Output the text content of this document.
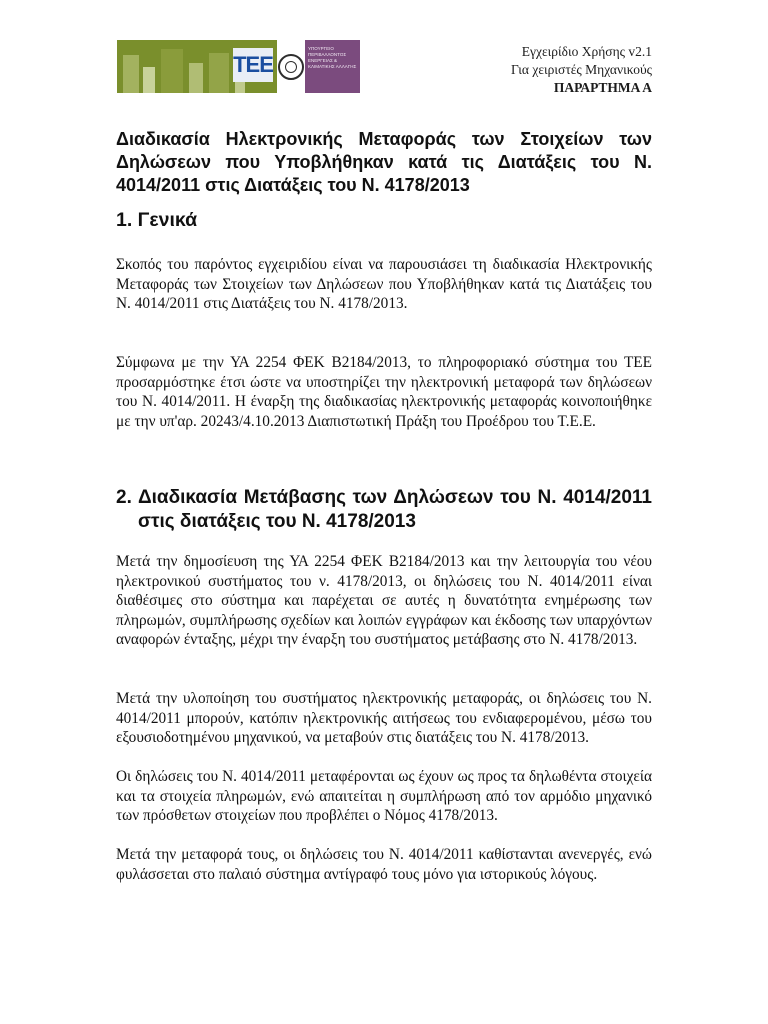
ΤΕΕ
ΥΠΟΥΡΓΕΙΟ ΠΕΡΙΒΑΛΛΟΝΤΟΣ ΕΝΕΡΓΕΙΑΣ & ΚΛΙΜΑΤΙΚΗΣ ΑΛΛΑΓΗΣ
Εγχειρίδιο Χρήσης v2.1
Για χειριστές Μηχανικούς
ΠΑΡΑΡΤΗΜΑ Α
Διαδικασία Ηλεκτρονικής Μεταφοράς των Στοιχείων των Δηλώσεων που Υποβλήθηκαν κατά τις Διατάξεις του Ν. 4014/2011 στις Διατάξεις του Ν. 4178/2013
1. Γενικά

Σκοπός του παρόντος εγχειριδίου είναι να παρουσιάσει τη διαδικασία Ηλεκτρονικής Μεταφοράς των Στοιχείων των Δηλώσεων που Υποβλήθηκαν κατά τις Διατάξεις του Ν. 4014/2011 στις Διατάξεις του Ν. 4178/2013.

Σύμφωνα με την ΥΑ 2254 ΦΕΚ Β2184/2013, το πληροφοριακό σύστημα του ΤΕΕ προσαρμόστηκε έτσι ώστε να υποστηρίζει την ηλεκτρονική μεταφορά των δηλώσεων του Ν. 4014/2011. Η έναρξη της διαδικασίας ηλεκτρονικής μεταφοράς κοινοποιήθηκε με την υπ'αρ. 20243/4.10.2013 Διαπιστωτική Πράξη του Προέδρου του Τ.Ε.Ε.

2. Διαδικασία Μετάβασης των Δηλώσεων του Ν. 4014/2011 στις διατάξεις του Ν. 4178/2013

Μετά την δημοσίευση της ΥΑ 2254 ΦΕΚ Β2184/2013 και την λειτουργία του νέου ηλεκτρονικού συστήματος του ν. 4178/2013, οι δηλώσεις του Ν. 4014/2011 είναι διαθέσιμες στο σύστημα και παρέχεται σε αυτές η δυνατότητα ενημέρωσης των πληρωμών, συμπλήρωσης σχεδίων και λοιπών εγγράφων και έκδοσης των υπαρχόντων αναφορών ένταξης, μέχρι την έναρξη του συστήματος μετάβασης στο Ν. 4178/2013.

Μετά την υλοποίηση του συστήματος ηλεκτρονικής μεταφοράς, οι δηλώσεις του Ν. 4014/2011 μπορούν, κατόπιν ηλεκτρονικής αιτήσεως του ενδιαφερομένου, μέσω του εξουσιοδοτημένου μηχανικού, να μεταβούν στις διατάξεις του Ν. 4178/2013.

Οι δηλώσεις του Ν. 4014/2011 μεταφέρονται ως έχουν ως προς τα δηλωθέντα στοιχεία και τα στοιχεία πληρωμών, ενώ απαιτείται η συμπλήρωση από τον αρμόδιο μηχανικό των πρόσθετων στοιχείων που προβλέπει ο Νόμος 4178/2013.

Μετά την μεταφορά τους, οι δηλώσεις του Ν. 4014/2011 καθίστανται ανενεργές, ενώ φυλάσσεται στο παλαιό σύστημα αντίγραφό τους μόνο για ιστορικούς λόγους.
